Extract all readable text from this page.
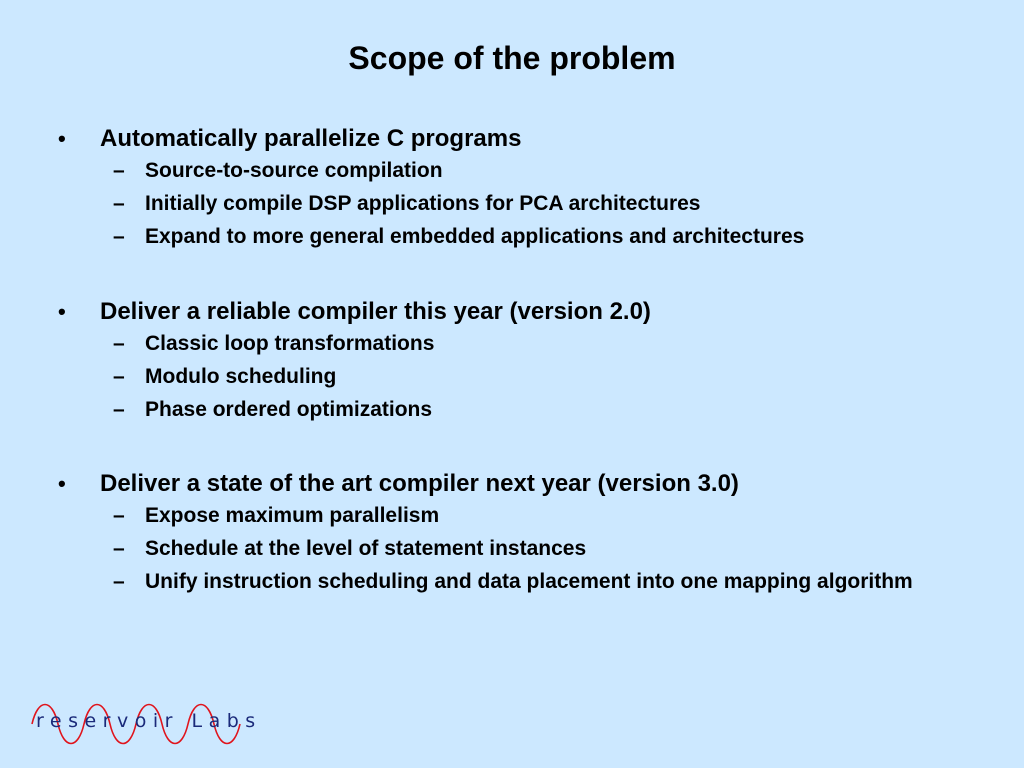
Scope of the problem
•	Automatically parallelize C programs
– Source-to-source compilation
– Initially compile DSP applications for PCA architectures
– Expand to more general embedded applications and architectures
•	Deliver a reliable compiler this year (version 2.0)
– Classic loop transformations
– Modulo scheduling
– Phase ordered optimizations
•	Deliver a state of the art compiler next year (version 3.0)
– Expose maximum parallelism
– Schedule at the level of statement instances
– Unify instruction scheduling and data placement into one mapping algorithm
reservoir Labs
